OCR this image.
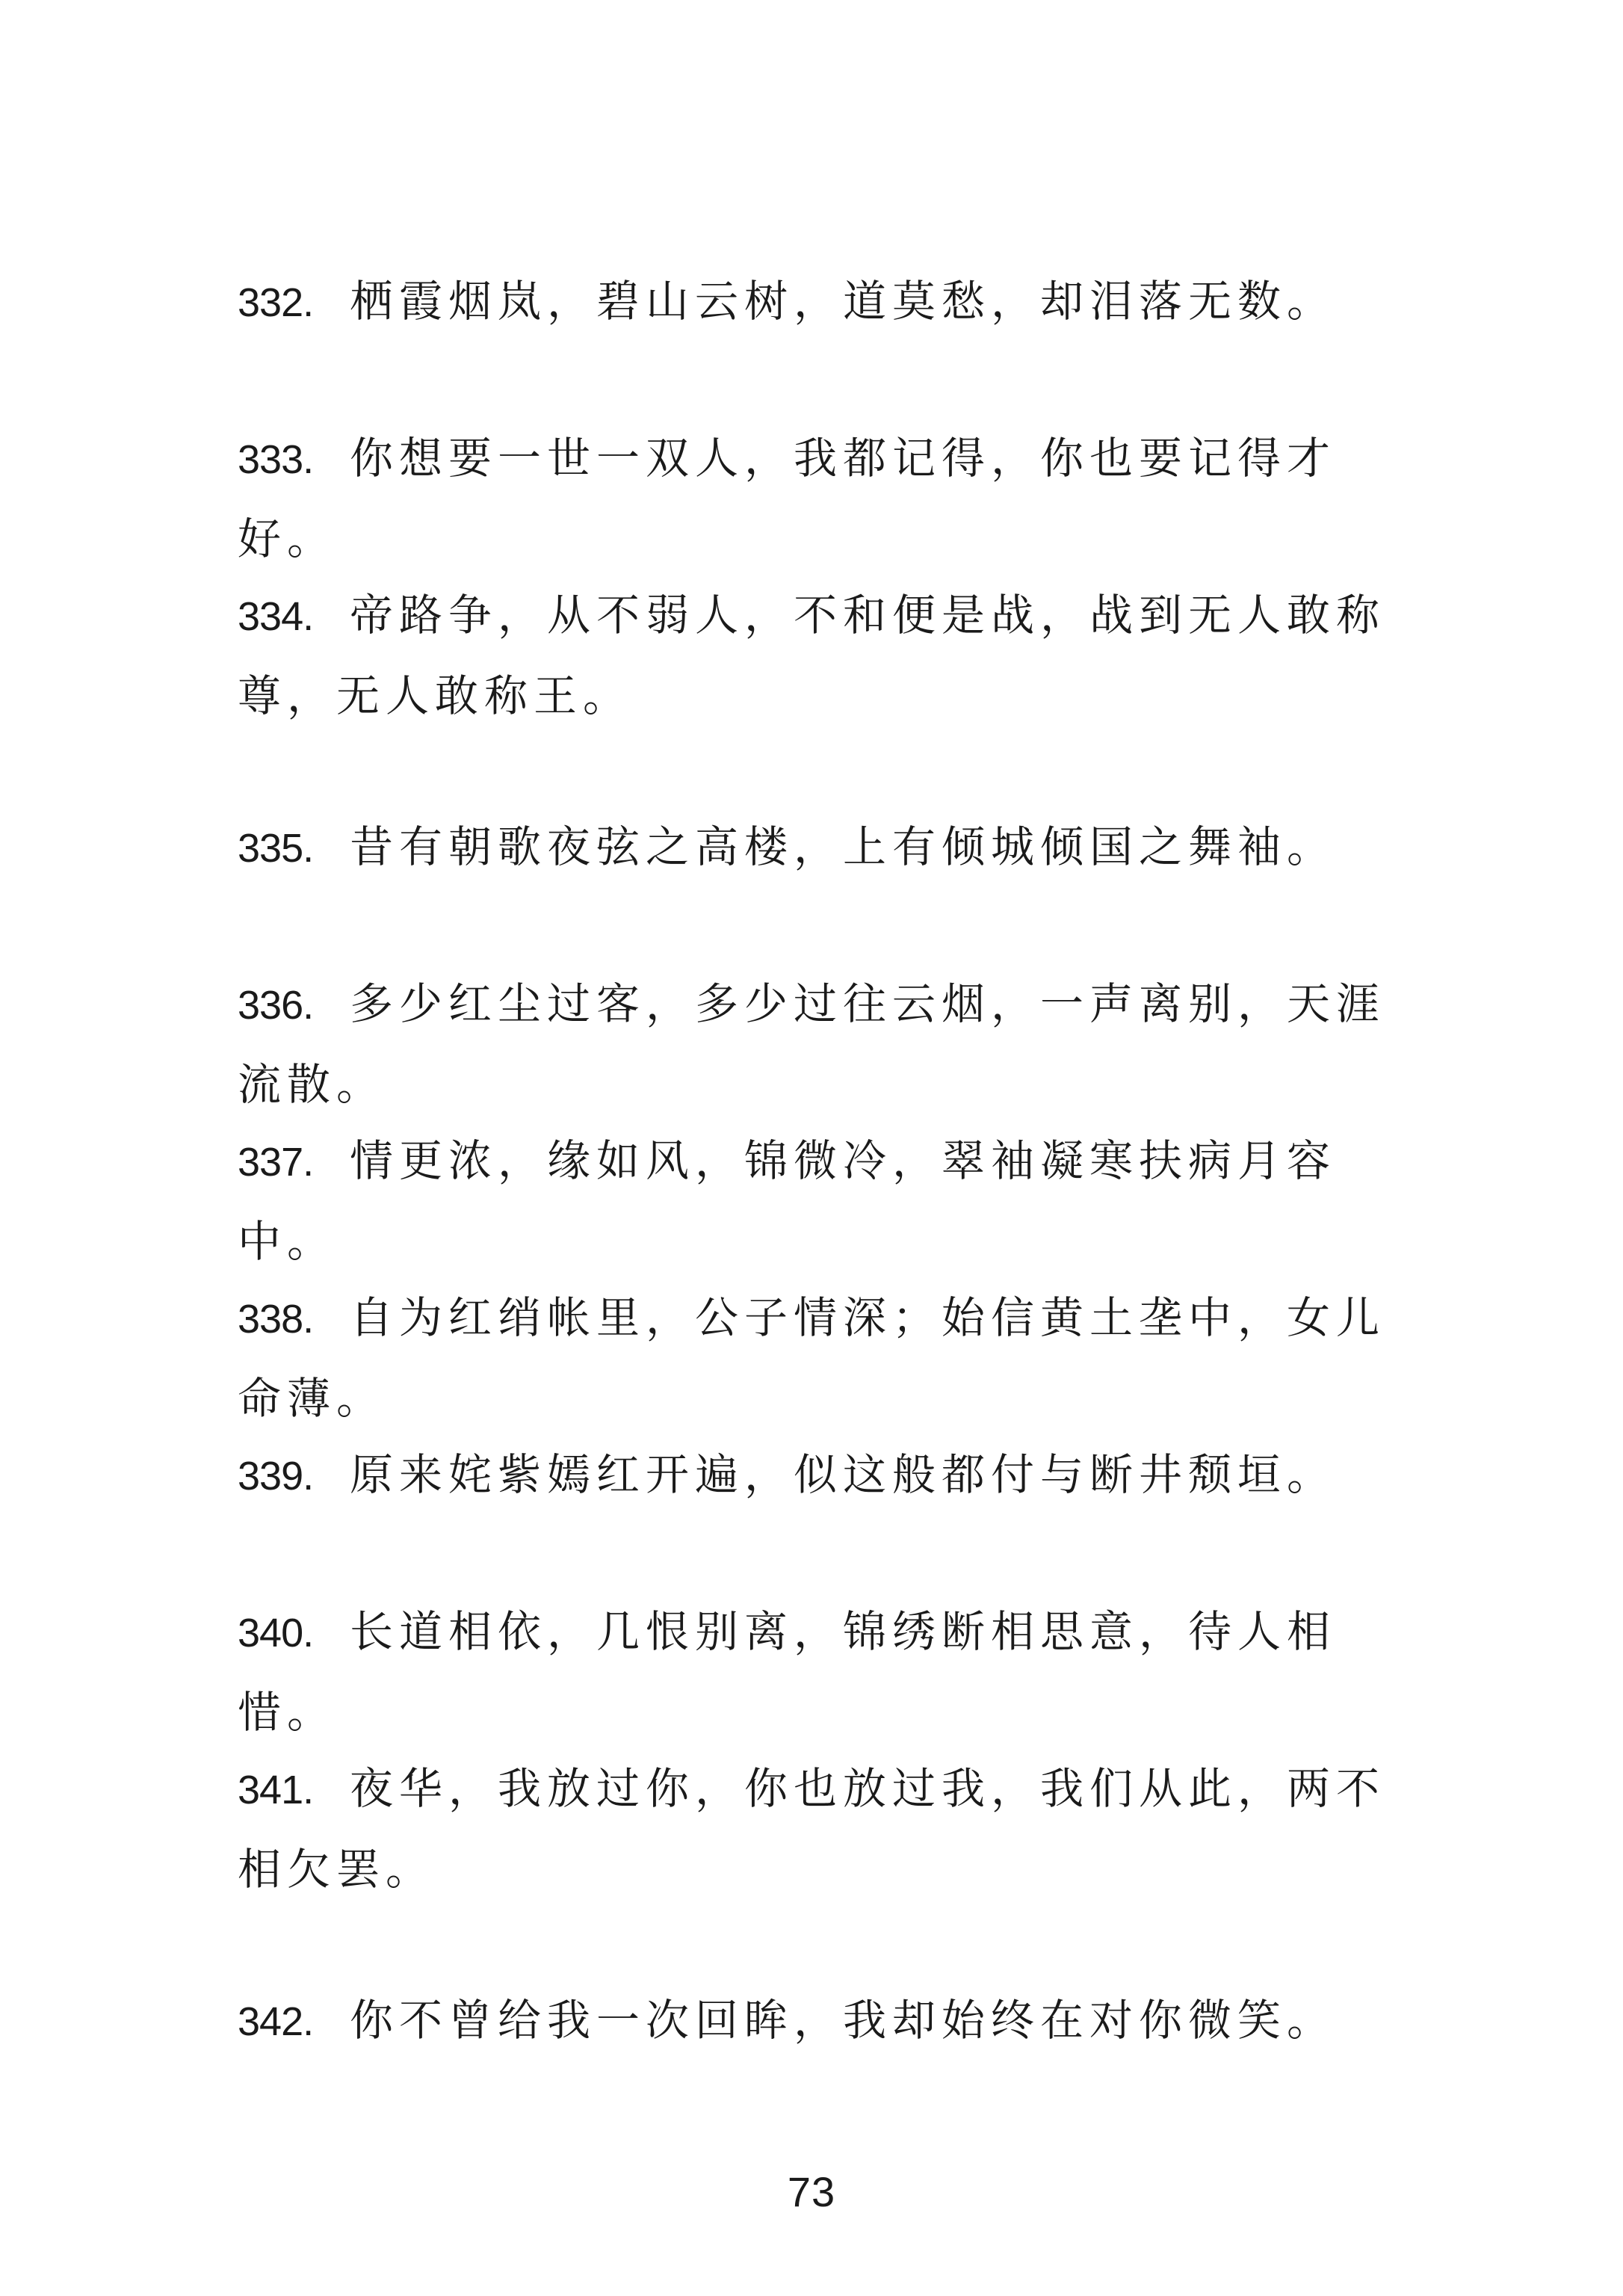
332. 栖霞烟岚，碧山云树，道莫愁，却泪落无数。
333. 你想要一世一双人，我都记得，你也要记得才好。
334. 帝路争，从不弱人，不和便是战，战到无人敢称尊，无人敢称王。
335. 昔有朝歌夜弦之高楼，上有倾城倾国之舞袖。
336. 多少红尘过客，多少过往云烟，一声离别，天涯流散。
337. 情更浓，缘如风，锦微冷，翠袖凝寒扶病月容中。
338. 自为红绡帐里，公子情深；始信黄土垄中，女儿命薄。
339. 原来姹紫嫣红开遍，似这般都付与断井颓垣。
340. 长道相依，几恨别离，锦绣断相思意，待人相惜。
341. 夜华，我放过你，你也放过我，我们从此，两不相欠罢。
342. 你不曾给我一次回眸，我却始终在对你微笑。
73
